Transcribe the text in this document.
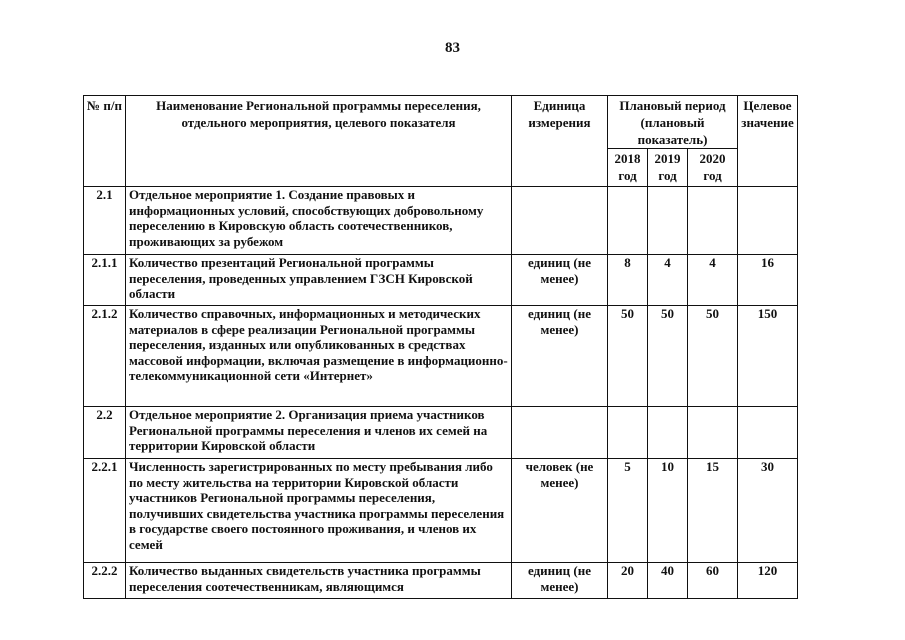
83
№ п/п	Наименование Региональной программы переселения, отдельного мероприятия, целевого показателя	Единица измерения	Плановый период (плановый показатель)			Целевое значение
			2018 год	2019 год	2020 год	
2.1	Отдельное мероприятие 1. Создание правовых и информационных условий, способствующих добровольному переселению в Кировскую область соотечественников, проживающих за рубежом					
2.1.1	Количество презентаций Региональной программы переселения, проведенных управлением ГЗСН Кировской области	единиц (не менее)	8	4	4	16
2.1.2	Количество справочных, информационных и методических материалов в сфере реализации Региональной программы переселения, изданных или опубликованных в средствах массовой информации, включая размещение в информационно-телекоммуникационной сети «Интернет»	единиц (не менее)	50	50	50	150
2.2	Отдельное мероприятие 2. Организация приема участников Региональной программы переселения и членов их семей на территории Кировской области					
2.2.1	Численность зарегистрированных по месту пребывания либо по месту жительства на территории Кировской области участников Региональной программы переселения, получивших свидетельства участника программы переселения в государстве своего постоянного проживания, и членов их семей	человек (не менее)	5	10	15	30
2.2.2	Количество выданных свидетельств участника программы переселения соотечественникам, являющимся	единиц (не менее)	20	40	60	120
